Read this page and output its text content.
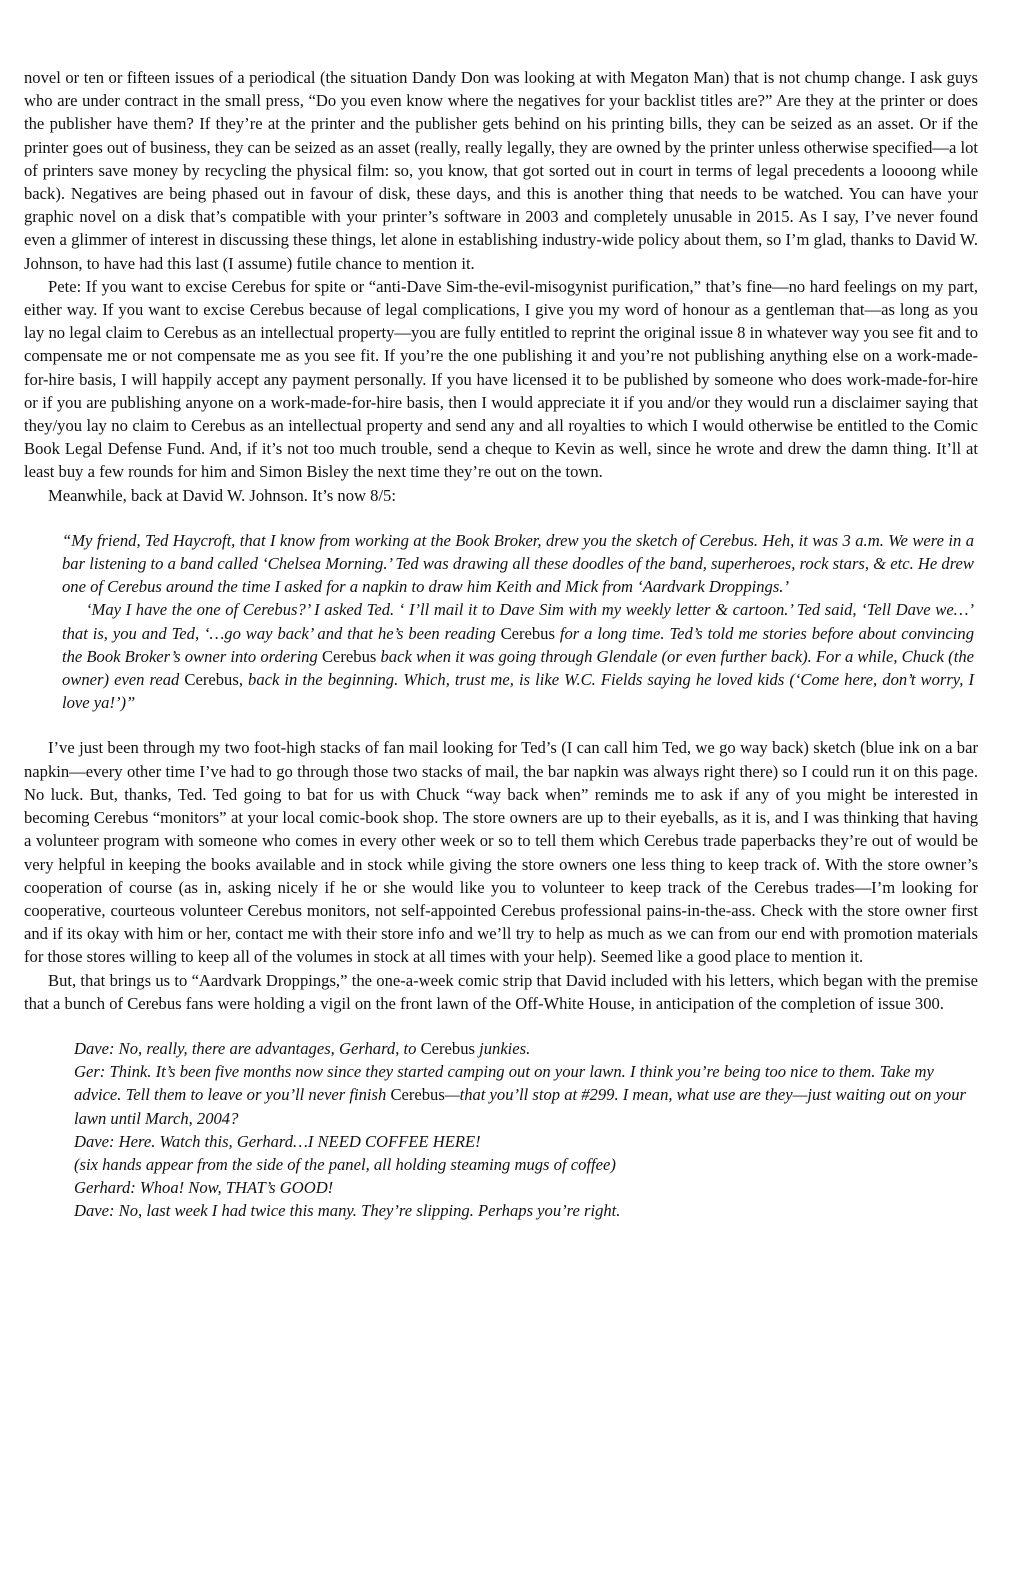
novel or ten or fifteen issues of a periodical (the situation Dandy Don was looking at with Megaton Man) that is not chump change. I ask guys who are under contract in the small press, “Do you even know where the negatives for your backlist titles are?” Are they at the printer or does the publisher have them? If they’re at the printer and the publisher gets behind on his printing bills, they can be seized as an asset. Or if the printer goes out of business, they can be seized as an asset (really, really legally, they are owned by the printer unless otherwise specified—a lot of printers save money by recycling the physical film: so, you know, that got sorted out in court in terms of legal precedents a loooong while back). Negatives are being phased out in favour of disk, these days, and this is another thing that needs to be watched. You can have your graphic novel on a disk that’s compatible with your printer’s software in 2003 and completely unusable in 2015. As I say, I’ve never found even a glimmer of interest in discussing these things, let alone in establishing industry-wide policy about them, so I’m glad, thanks to David W. Johnson, to have had this last (I assume) futile chance to mention it.

Pete: If you want to excise Cerebus for spite or “anti-Dave Sim-the-evil-misogynist purification,” that’s fine—no hard feelings on my part, either way. If you want to excise Cerebus because of legal complications, I give you my word of honour as a gentleman that—as long as you lay no legal claim to Cerebus as an intellectual property—you are fully entitled to reprint the original issue 8 in whatever way you see fit and to compensate me or not compensate me as you see fit. If you’re the one publishing it and you’re not publishing anything else on a work-made-for-hire basis, I will happily accept any payment personally. If you have licensed it to be published by someone who does work-made-for-hire or if you are publishing anyone on a work-made-for-hire basis, then I would appreciate it if you and/or they would run a disclaimer saying that they/you lay no claim to Cerebus as an intellectual property and send any and all royalties to which I would otherwise be entitled to the Comic Book Legal Defense Fund. And, if it’s not too much trouble, send a cheque to Kevin as well, since he wrote and drew the damn thing. It’ll at least buy a few rounds for him and Simon Bisley the next time they’re out on the town.

Meanwhile, back at David W. Johnson. It’s now 8/5:

“My friend, Ted Haycroft, that I know from working at the Book Broker, drew you the sketch of Cerebus. Heh, it was 3 a.m. We were in a bar listening to a band called ‘Chelsea Morning.’ Ted was drawing all these doodles of the band, superheroes, rock stars, & etc. He drew one of Cerebus around the time I asked for a napkin to draw him Keith and Mick from ‘Aardvark Droppings.’

‘May I have the one of Cerebus?’ I asked Ted. ‘ I’ll mail it to Dave Sim with my weekly letter & cartoon.’ Ted said, ‘Tell Dave we…’ that is, you and Ted, ‘…go way back’ and that he’s been reading Cerebus for a long time. Ted’s told me stories before about convincing the Book Broker’s owner into ordering Cerebus back when it was going through Glendale (or even further back). For a while, Chuck (the owner) even read Cerebus, back in the beginning. Which, trust me, is like W.C. Fields saying he loved kids (‘Come here, don’t worry, I love ya!’)”

I’ve just been through my two foot-high stacks of fan mail looking for Ted’s (I can call him Ted, we go way back) sketch (blue ink on a bar napkin—every other time I’ve had to go through those two stacks of mail, the bar napkin was always right there) so I could run it on this page. No luck. But, thanks, Ted. Ted going to bat for us with Chuck “way back when” reminds me to ask if any of you might be interested in becoming Cerebus “monitors” at your local comic-book shop. The store owners are up to their eyeballs, as it is, and I was thinking that having a volunteer program with someone who comes in every other week or so to tell them which Cerebus trade paperbacks they’re out of would be very helpful in keeping the books available and in stock while giving the store owners one less thing to keep track of. With the store owner’s cooperation of course (as in, asking nicely if he or she would like you to volunteer to keep track of the Cerebus trades—I’m looking for cooperative, courteous volunteer Cerebus monitors, not self-appointed Cerebus professional pains-in-the-ass. Check with the store owner first and if its okay with him or her, contact me with their store info and we’ll try to help as much as we can from our end with promotion materials for those stores willing to keep all of the volumes in stock at all times with your help). Seemed like a good place to mention it.

But, that brings us to “Aardvark Droppings,” the one-a-week comic strip that David included with his letters, which began with the premise that a bunch of Cerebus fans were holding a vigil on the front lawn of the Off-White House, in anticipation of the completion of issue 300.

Dave: No, really, there are advantages, Gerhard, to Cerebus junkies.

Ger: Think. It’s been five months now since they started camping out on your lawn. I think you’re being too nice to them. Take my advice. Tell them to leave or you’ll never finish Cerebus—that you’ll stop at #299. I mean, what use are they—just waiting out on your lawn until March, 2004?

Dave: Here. Watch this, Gerhard…I NEED COFFEE HERE!

(six hands appear from the side of the panel, all holding steaming mugs of coffee)

Gerhard: Whoa! Now, THAT’s GOOD!

Dave: No, last week I had twice this many. They’re slipping. Perhaps you’re right.
